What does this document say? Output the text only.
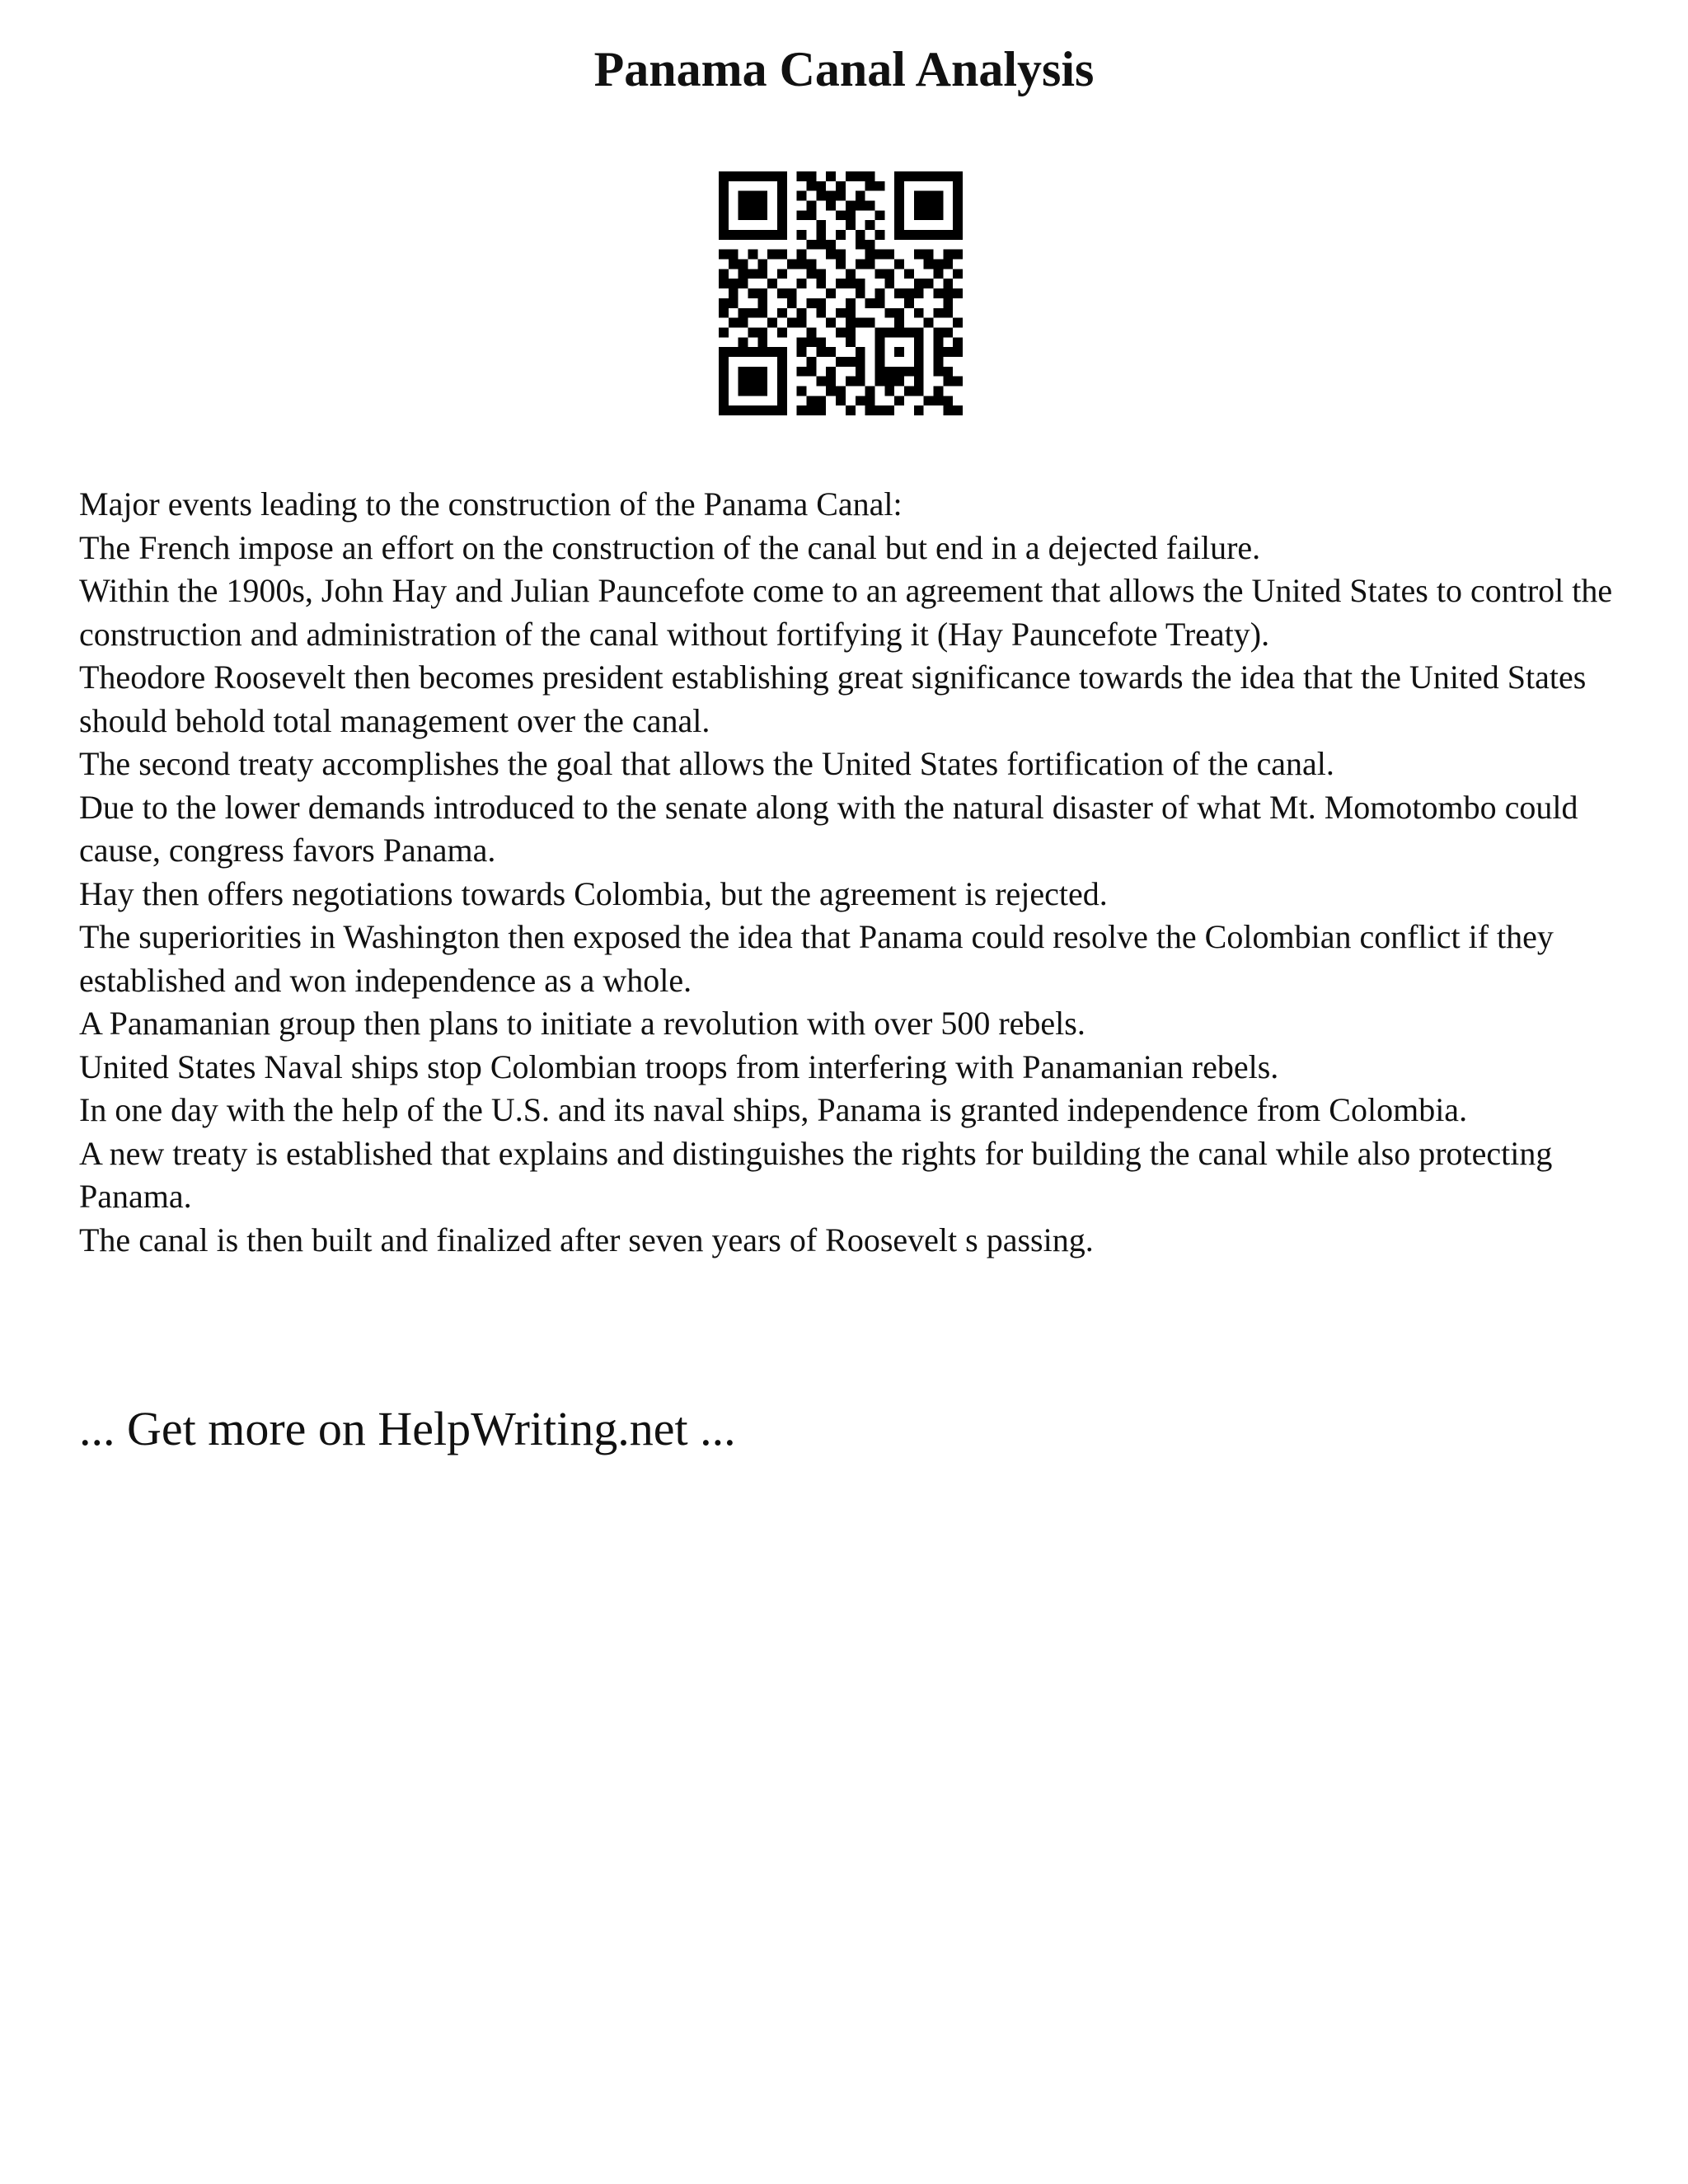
Panama Canal Analysis

Major events leading to the construction of the Panama Canal:

The French impose an effort on the construction of the canal but end in a dejected failure.

Within the 1900s, John Hay and Julian Pauncefote come to an agreement that allows the United States to control the construction and administration of the canal without fortifying it (Hay Pauncefote Treaty).

Theodore Roosevelt then becomes president establishing great significance towards the idea that the United States should behold total management over the canal.

The second treaty accomplishes the goal that allows the United States fortification of the canal.

Due to the lower demands introduced to the senate along with the natural disaster of what Mt. Momotombo could cause, congress favors Panama.

Hay then offers negotiations towards Colombia, but the agreement is rejected.

The superiorities in Washington then exposed the idea that Panama could resolve the Colombian conflict if they established and won independence as a whole.

A Panamanian group then plans to initiate a revolution with over 500 rebels.

United States Naval ships stop Colombian troops from interfering with Panamanian rebels.

In one day with the help of the U.S. and its naval ships, Panama is granted independence from Colombia.

A new treaty is established that explains and distinguishes the rights for building the canal while also protecting Panama.

The canal is then built and finalized after seven years of Roosevelt s passing.

... Get more on HelpWriting.net ...
